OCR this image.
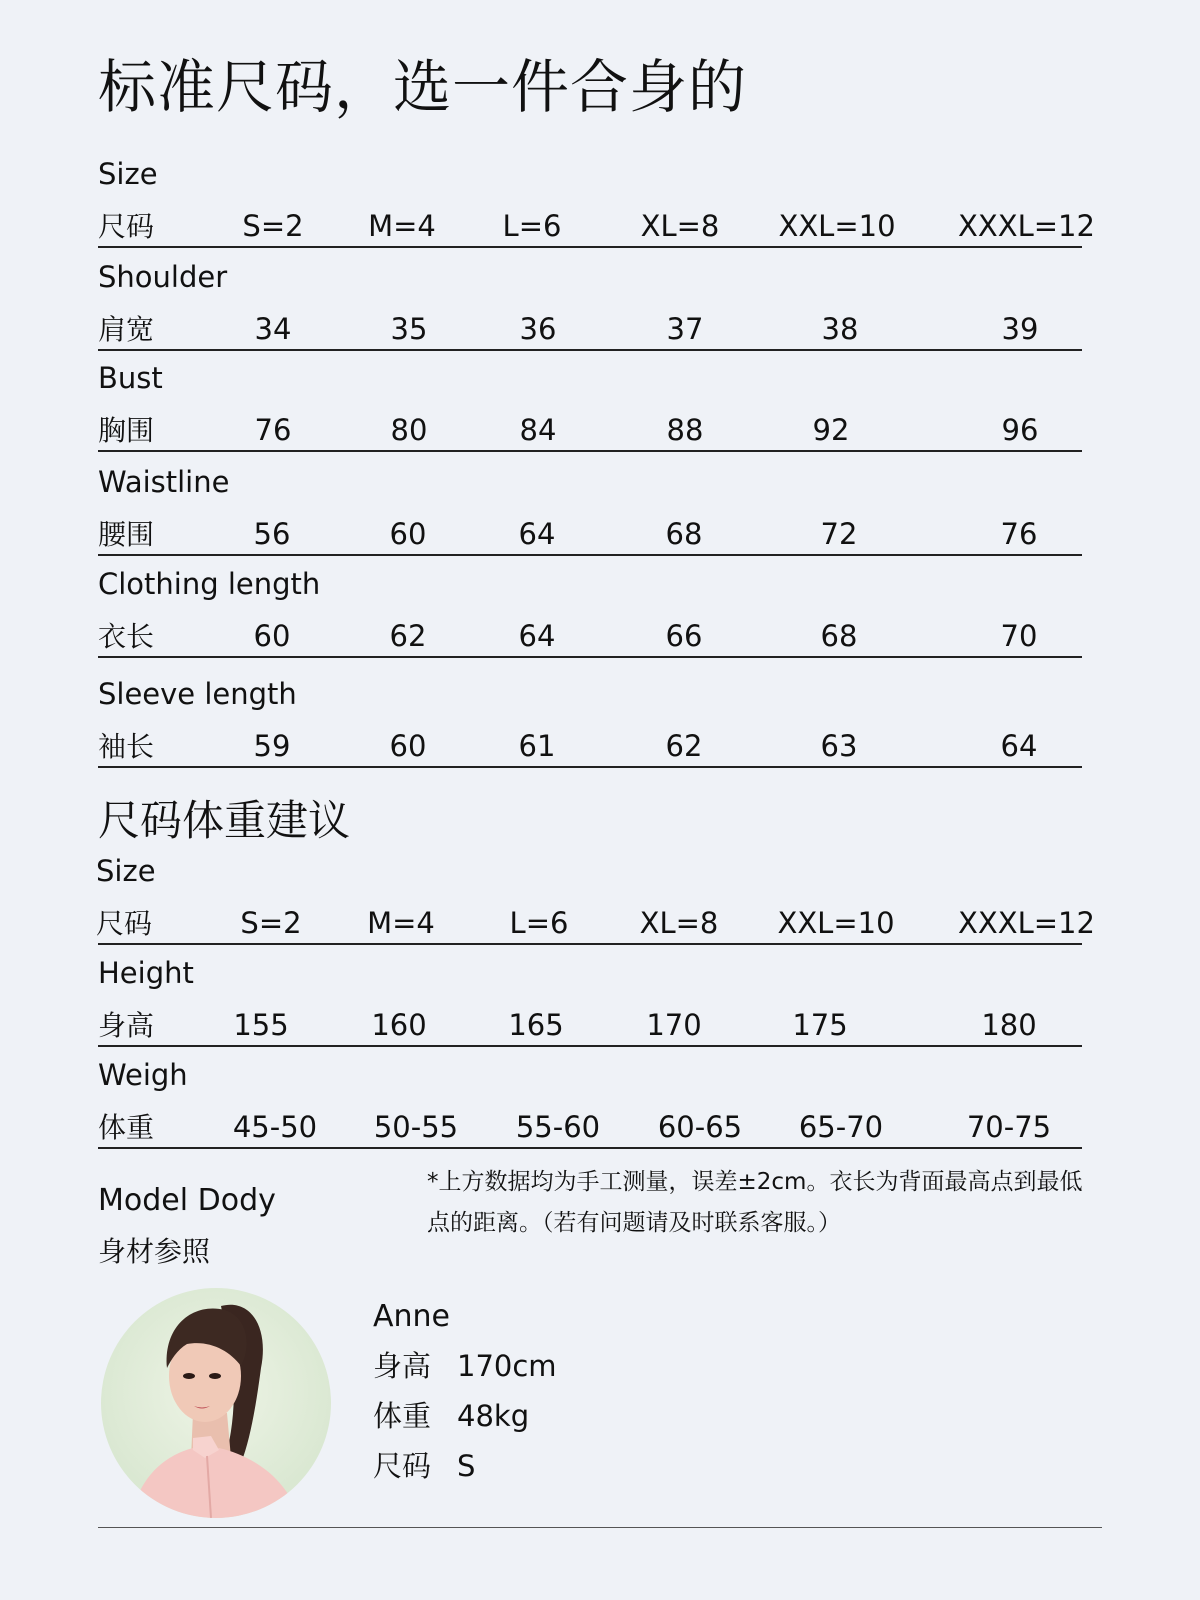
标准尺码，选一件合身的
Size
尺码	S=2	M=4	L=6	XL=8	XXL=10 XXXL=12
Shoulder
肩宽	34	35	36	37	38	39
Bust
胸围	76	80	84	88	92	96
Waistline
腰围	56	60	64	68	72	76
Clothing length
衣长	60	62	64	66	68	70
Sleeve length
袖长	59	60	61	62	63	64
尺码体重建议
Size
尺码	S=2	M=4	L=6	XL=8	XXL=10 XXXL=12
Height
身高	155	160	165	170	175	180
Weigh
体重	45-50	50-55	55-60	60-65	65-70	70-75
*上方数据均为手工测量，误差±2cm。衣长为背面最高点到最低点的距离。（若有问题请及时联系客服。）
Model Dody
身材参照
Anne
身高 170cm
体重 48kg
尺码 S
